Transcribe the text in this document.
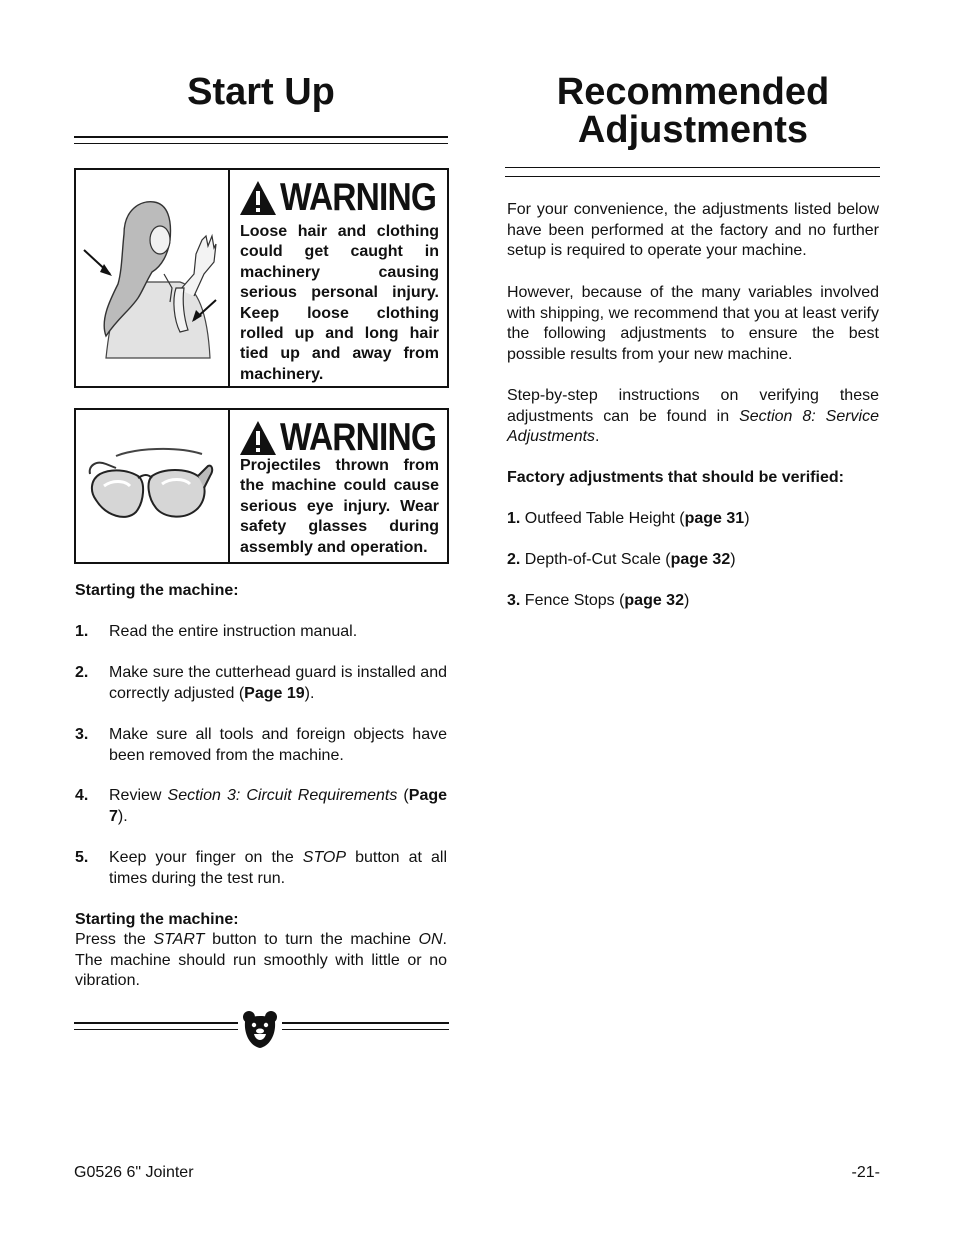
Start Up
WARNING
Loose hair and clothing could get caught in machinery causing serious personal injury. Keep loose clothing rolled up and long hair tied up and away from machinery.
WARNING
Projectiles thrown from the machine could cause serious eye injury. Wear safety glasses during assembly and operation.
Starting the machine:
1. Read the entire instruction manual.
2. Make sure the cutterhead guard is installed and correctly adjusted (Page 19).
3. Make sure all tools and foreign objects have been removed from the machine.
4. Review Section 3: Circuit Requirements (Page 7).
5. Keep your finger on the STOP button at all times during the test run.
Starting the machine:
Press the START button to turn the machine ON. The machine should run smoothly with little or no vibration.
Recommended
Adjustments
For your convenience, the adjustments listed below have been performed at the factory and no further setup is required to operate your machine.
However, because of the many variables involved with shipping, we recommend that you at least verify the following adjustments to ensure the best possible results from your new machine.
Step-by-step instructions on verifying these adjustments can be found in Section 8: Service Adjustments.
Factory adjustments that should be verified:
1. Outfeed Table Height (page 31)
2. Depth-of-Cut Scale (page 32)
3. Fence Stops (page 32)
G0526 6" Jointer	-21-
